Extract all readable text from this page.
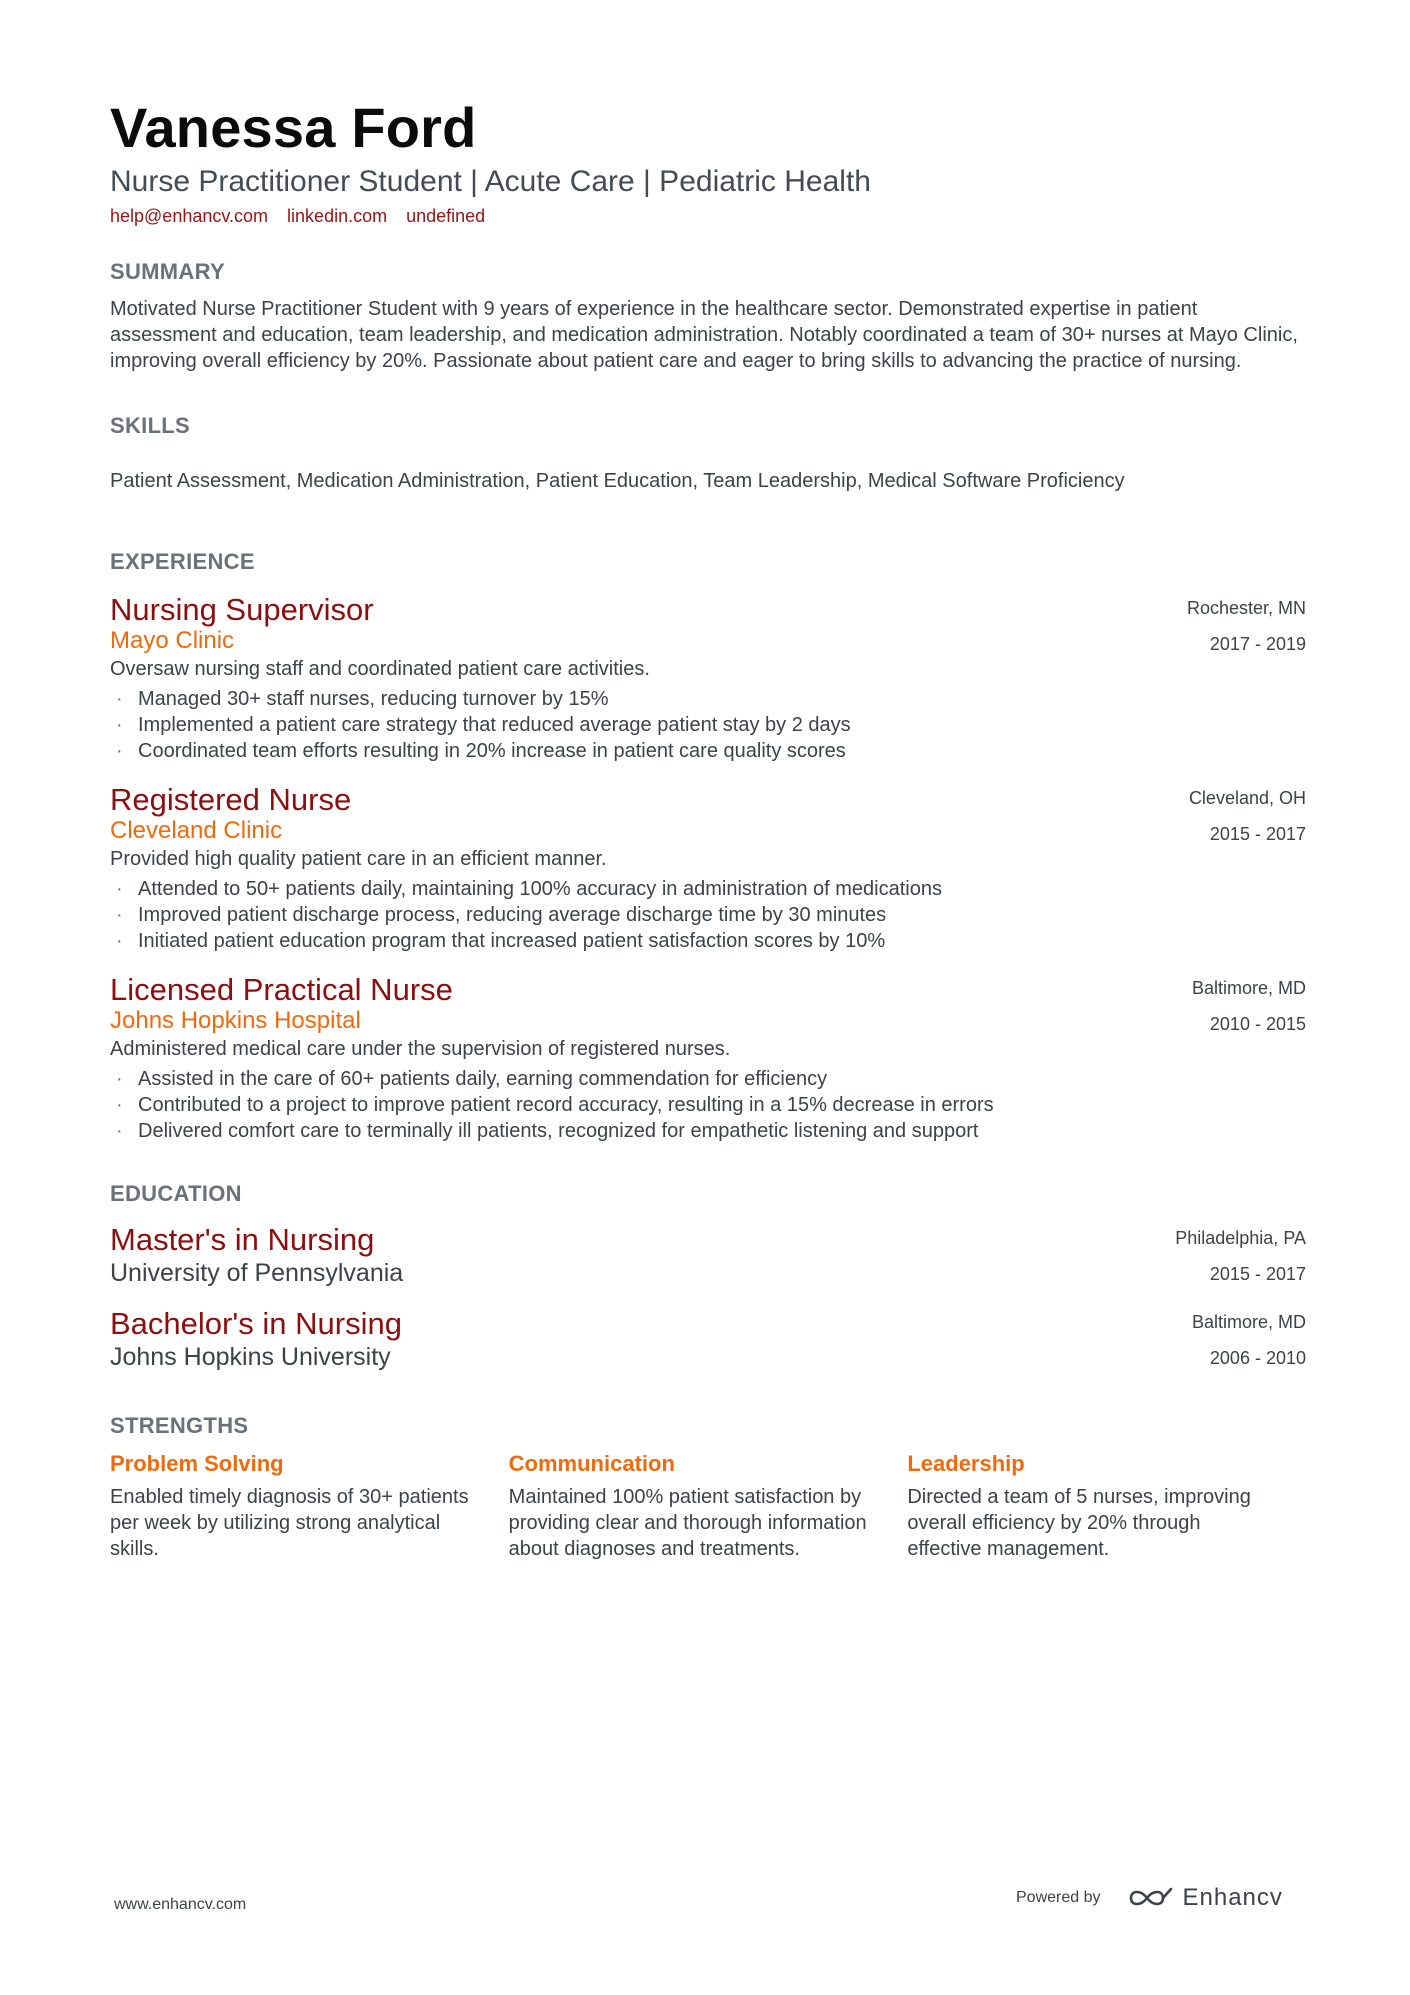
Vanessa Ford
Nurse Practitioner Student | Acute Care | Pediatric Health
help@enhancv.com linkedin.com undefined
SUMMARY
Motivated Nurse Practitioner Student with 9 years of experience in the healthcare sector. Demonstrated expertise in patient assessment and education, team leadership, and medication administration. Notably coordinated a team of 30+ nurses at Mayo Clinic, improving overall efficiency by 20%. Passionate about patient care and eager to bring skills to advancing the practice of nursing.
SKILLS
Patient Assessment, Medication Administration, Patient Education, Team Leadership, Medical Software Proficiency
EXPERIENCE
Nursing Supervisor
Mayo Clinic
Oversaw nursing staff and coordinated patient care activities.
· Managed 30+ staff nurses, reducing turnover by 15%
· Implemented a patient care strategy that reduced average patient stay by 2 days
· Coordinated team efforts resulting in 20% increase in patient care quality scores
Rochester, MN
2017 - 2019
Registered Nurse
Cleveland Clinic
Provided high quality patient care in an efficient manner.
· Attended to 50+ patients daily, maintaining 100% accuracy in administration of medications
· Improved patient discharge process, reducing average discharge time by 30 minutes
· Initiated patient education program that increased patient satisfaction scores by 10%
Cleveland, OH
2015 - 2017
Licensed Practical Nurse
Johns Hopkins Hospital
Administered medical care under the supervision of registered nurses.
· Assisted in the care of 60+ patients daily, earning commendation for efficiency
· Contributed to a project to improve patient record accuracy, resulting in a 15% decrease in errors
· Delivered comfort care to terminally ill patients, recognized for empathetic listening and support
Baltimore, MD
2010 - 2015
EDUCATION
Master's in Nursing
University of Pennsylvania
Philadelphia, PA
2015 - 2017
Bachelor's in Nursing
Johns Hopkins University
Baltimore, MD
2006 - 2010
STRENGTHS
Problem Solving
Enabled timely diagnosis of 30+ patients per week by utilizing strong analytical skills.
Communication
Maintained 100% patient satisfaction by providing clear and thorough information about diagnoses and treatments.
Leadership
Directed a team of 5 nurses, improving overall efficiency by 20% through effective management.
www.enhancv.com	Powered by	Enhancv
